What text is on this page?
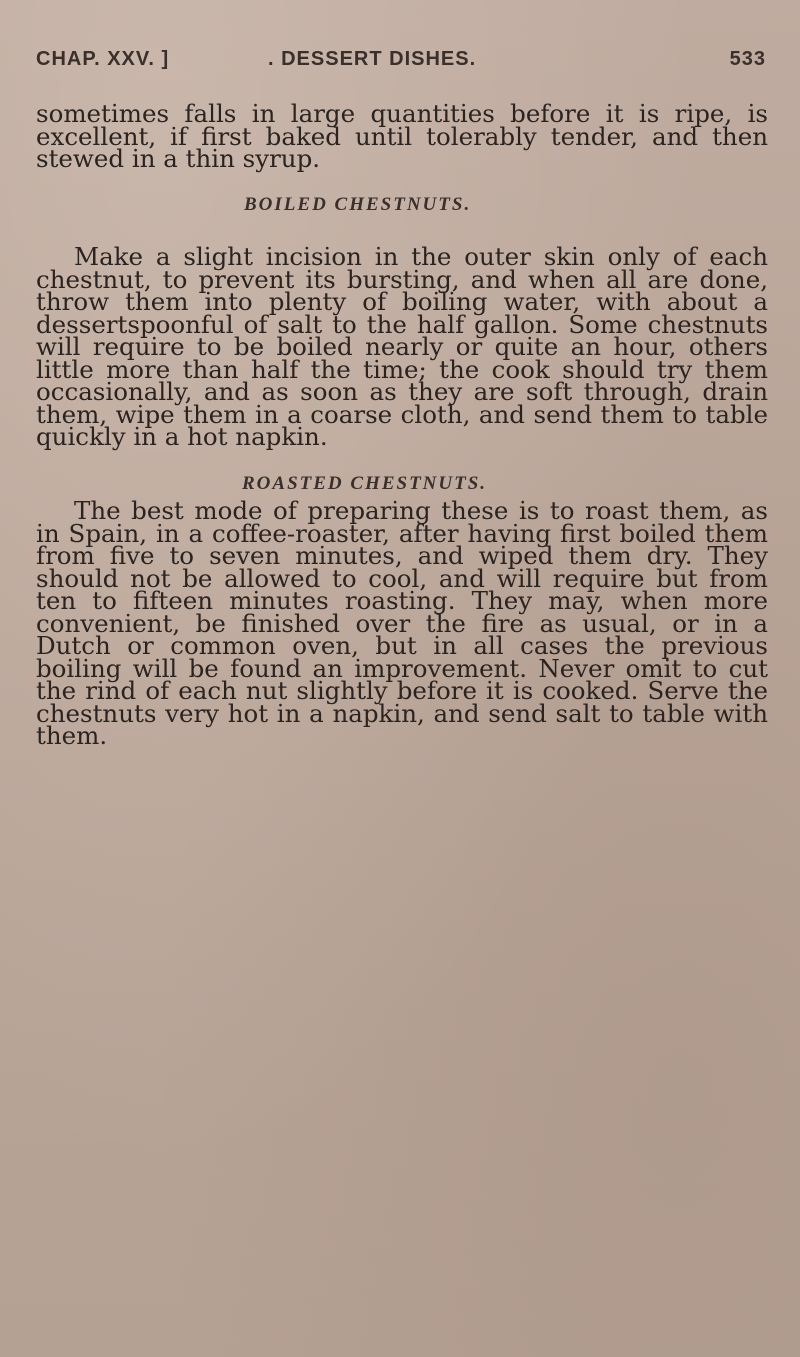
CHAP. XXV. ]	. DESSERT DISHES.	533

sometimes falls in large quantities before it is ripe, is excellent, if first baked until tolerably tender, and then stewed in a thin syrup.

BOILED CHESTNUTS.

Make a slight incision in the outer skin only of each chestnut, to prevent its bursting, and when all are done, throw them into plenty of boiling water, with about a dessertspoonful of salt to the half gallon. Some chestnuts will require to be boiled nearly or quite an hour, others little more than half the time; the cook should try them occasionally, and as soon as they are soft through, drain them, wipe them in a coarse cloth, and send them to table quickly in a hot napkin.

ROASTED CHESTNUTS.

The best mode of preparing these is to roast them, as in Spain, in a coffee-roaster, after having first boiled them from five to seven minutes, and wiped them dry. They should not be allowed to cool, and will require but from ten to fifteen minutes roasting. They may, when more convenient, be finished over the fire as usual, or in a Dutch or common oven, but in all cases the previous boiling will be found an improvement. Never omit to cut the rind of each nut slightly before it is cooked. Serve the chestnuts very hot in a napkin, and send salt to table with them.
